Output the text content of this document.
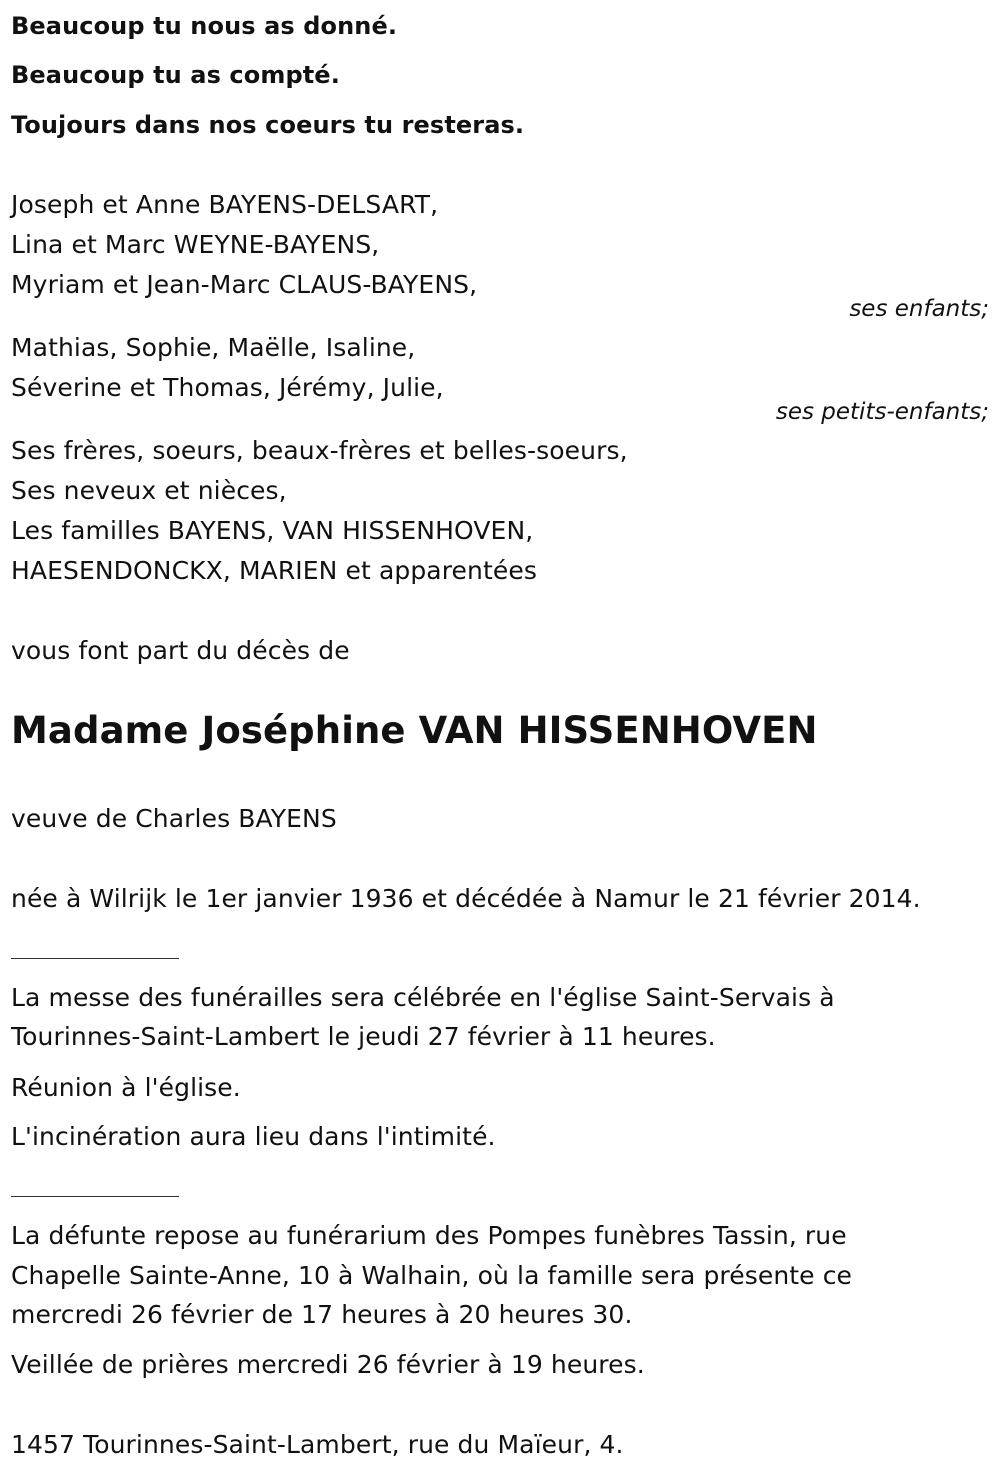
Beaucoup tu nous as donné.
Beaucoup tu as compté.
Toujours dans nos coeurs tu resteras.
Joseph et Anne BAYENS-DELSART,
Lina et Marc WEYNE-BAYENS,
Myriam et Jean-Marc CLAUS-BAYENS,
ses enfants;
Mathias, Sophie, Maëlle, Isaline,
Séverine et Thomas, Jérémy, Julie,
ses petits-enfants;
Ses frères, soeurs, beaux-frères et belles-soeurs,
Ses neveux et nièces,
Les familles BAYENS, VAN HISSENHOVEN,
HAESENDONCKX, MARIEN et apparentées
vous font part du décès de
Madame Joséphine VAN HISSENHOVEN
veuve de Charles BAYENS
née à Wilrijk le 1er janvier 1936 et décédée à Namur le 21 février 2014.
La messe des funérailles sera célébrée en l'église Saint-Servais à
Tourinnes-Saint-Lambert le jeudi 27 février à 11 heures.
Réunion à l'église.
L'incinération aura lieu dans l'intimité.
La défunte repose au funérarium des Pompes funèbres Tassin, rue
Chapelle Sainte-Anne, 10 à Walhain, où la famille sera présente ce
mercredi 26 février de 17 heures à 20 heures 30.
Veillée de prières mercredi 26 février à 19 heures.
1457 Tourinnes-Saint-Lambert, rue du Maïeur, 4.
